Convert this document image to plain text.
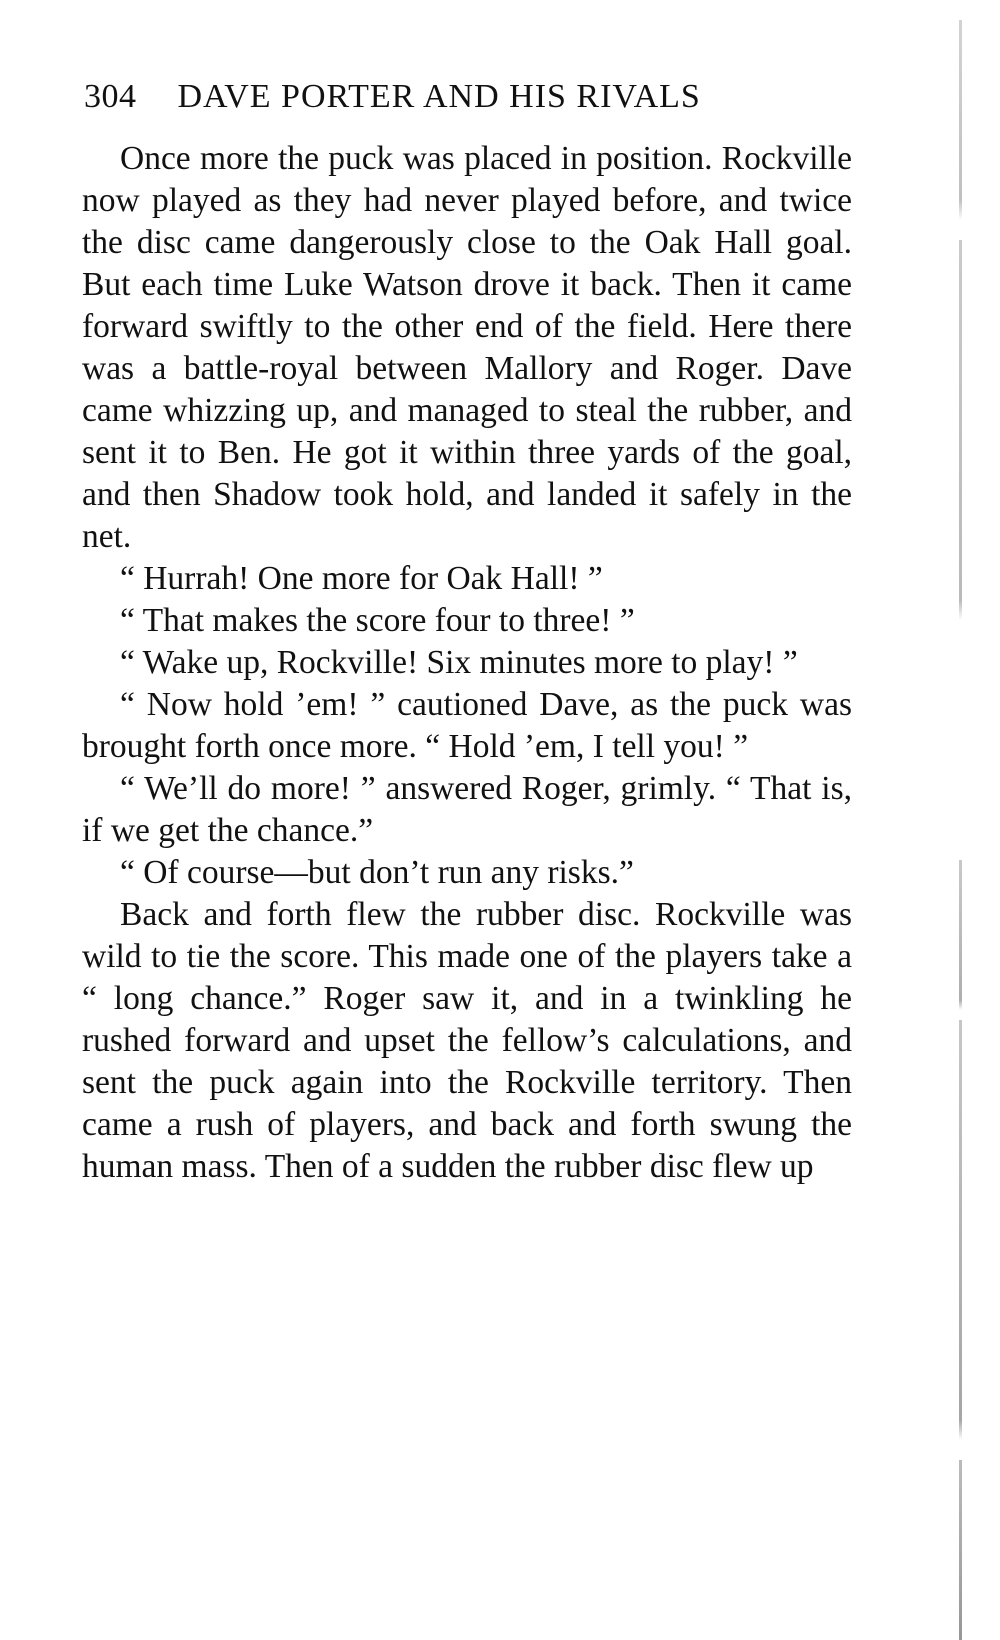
304 DAVE PORTER AND HIS RIVALS

Once more the puck was placed in position. Rockville now played as they had never played before, and twice the disc came dangerously close to the Oak Hall goal. But each time Luke Watson drove it back. Then it came forward swiftly to the other end of the field. Here there was a battle-royal between Mallory and Roger. Dave came whizzing up, and managed to steal the rubber, and sent it to Ben. He got it within three yards of the goal, and then Shadow took hold, and landed it safely in the net.

“ Hurrah! One more for Oak Hall! ”

“ That makes the score four to three! ”

“ Wake up, Rockville! Six minutes more to play! ”

“ Now hold ’em! ” cautioned Dave, as the puck was brought forth once more. “ Hold ’em, I tell you! ”

“ We’ll do more! ” answered Roger, grimly. “ That is, if we get the chance.”

“ Of course—but don’t run any risks.”

Back and forth flew the rubber disc. Rockville was wild to tie the score. This made one of the players take a “ long chance.” Roger saw it, and in a twinkling he rushed forward and upset the fellow’s calculations, and sent the puck again into the Rockville territory. Then came a rush of players, and back and forth swung the human mass. Then of a sudden the rubber disc flew up
